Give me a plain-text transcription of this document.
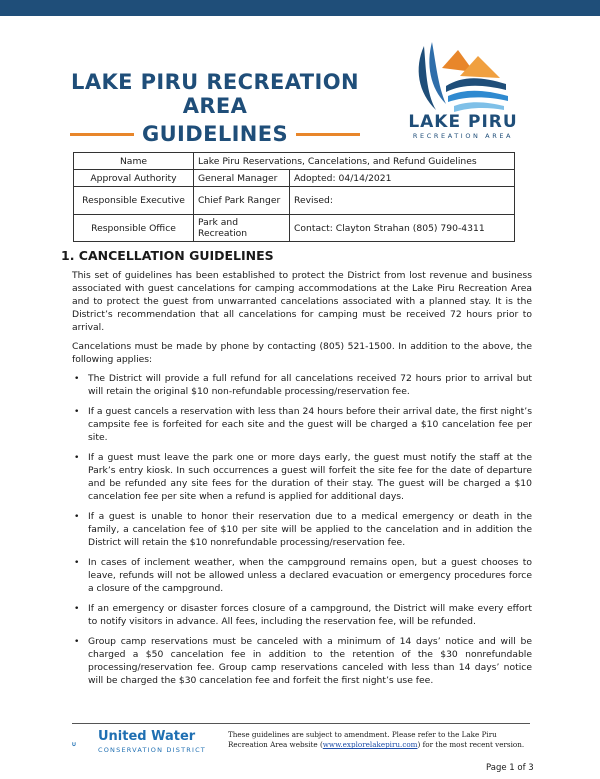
LAKE PIRU RECREATION AREA
GUIDELINES	LAKE PIRU
RECREATION AREA
Name	Lake Piru Reservations, Cancelations, and Refund Guidelines	
Approval Authority	General Manager	Adopted: 04/14/2021
Responsible Executive	Chief Park Ranger	Revised:
Responsible Office	Park and Recreation	Contact: Clayton Strahan (805) 790-4311
1. CANCELLATION GUIDELINES

This set of guidelines has been established to protect the District from lost revenue and business associated with guest cancelations for camping accommodations at the Lake Piru Recreation Area and to protect the guest from unwarranted cancelations associated with a planned stay. It is the District’s recommendation that all cancelations for camping must be received 72 hours prior to arrival.

Cancelations must be made by phone by contacting (805) 521-1500. In addition to the above, the following applies:

• The District will provide a full refund for all cancelations received 72 hours prior to arrival but will retain the original $10 non-refundable processing/reservation fee.
• If a guest cancels a reservation with less than 24 hours before their arrival date, the first night’s campsite fee is forfeited for each site and the guest will be charged a $10 cancelation fee per site.
• If a guest must leave the park one or more days early, the guest must notify the staff at the Park’s entry kiosk. In such occurrences a guest will forfeit the site fee for the date of departure and be refunded any site fees for the duration of their stay. The guest will be charged a $10 cancelation fee per site when a refund is applied for additional days.
• If a guest is unable to honor their reservation due to a medical emergency or death in the family, a cancelation fee of $10 per site will be applied to the cancelation and in addition the District will retain the $10 nonrefundable processing/reservation fee.
• In cases of inclement weather, when the campground remains open, but a guest chooses to leave, refunds will not be allowed unless a declared evacuation or emergency procedures force a closure of the campground.
• If an emergency or disaster forces closure of a campground, the District will make every effort to notify visitors in advance. All fees, including the reservation fee, will be refunded.
• Group camp reservations must be canceled with a minimum of 14 days’ notice and will be charged a $50 cancelation fee in addition to the retention of the $30 nonrefundable processing/reservation fee. Group camp reservations canceled with less than 14 days’ notice will be charged the $30 cancelation fee and forfeit the first night’s use fee.
United Water
CONSERVATION DISTRICT
These guidelines are subject to amendment. Please refer to the Lake Piru Recreation Area website (www.explorelakepiru.com) for the most recent version.
Page 1 of 3
